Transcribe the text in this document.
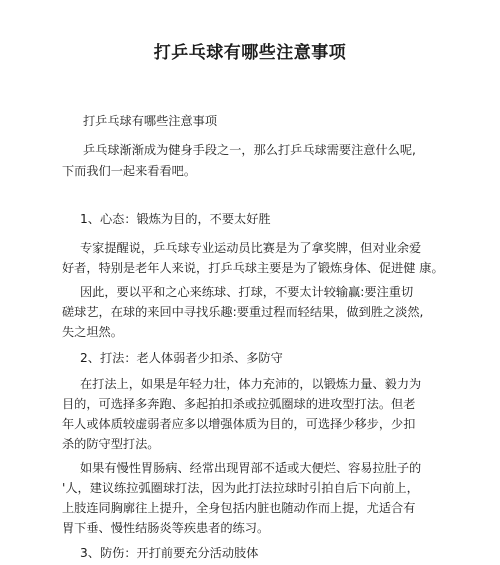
打乒乓球有哪些注意事项
打乒乓球有哪些注意事项
乒乓球渐渐成为健身手段之一，那么打乒乓球需要注意什么呢,
下而我们一起来看看吧。
1、心态：锻炼为目的，不要太好胜
专家提醒说，乒乓球专业运动员比赛是为了拿奖牌，但对业余爱
好者，特别是老年人来说，打乒乓球主要是为了锻炼身体、促进健 康。
因此，要以平和之心来练球、打球，不要太计较输赢:要注重切
磋球艺，在球的来回中寻找乐趣:要重过程而轻结果，做到胜之淡然,
失之坦然。
2、打法：老人体弱者少扣杀、多防守
在打法上，如果是年轻力壮，体力充沛的，以锻炼力量、毅力为
目的，可选择多奔跑、多起拍扣杀或拉弧圈球的进攻型打法。但老
年人或体质较虚弱者应多以增强体质为目的，可选择少移步，少扣
杀的防守型打法。
如果有慢性胃肠病、经常出现胃部不适或大便烂、容易拉肚子的
'人，建议练拉弧圈球打法，因为此打法拉球时引拍自后下向前上，
上肢连同胸廓往上提升，全身包括内脏也随动作而上提，尤适合有
胃下垂、慢性结肠炎等疾患者的练习。
3、防伤：开打前要充分活动肢体
